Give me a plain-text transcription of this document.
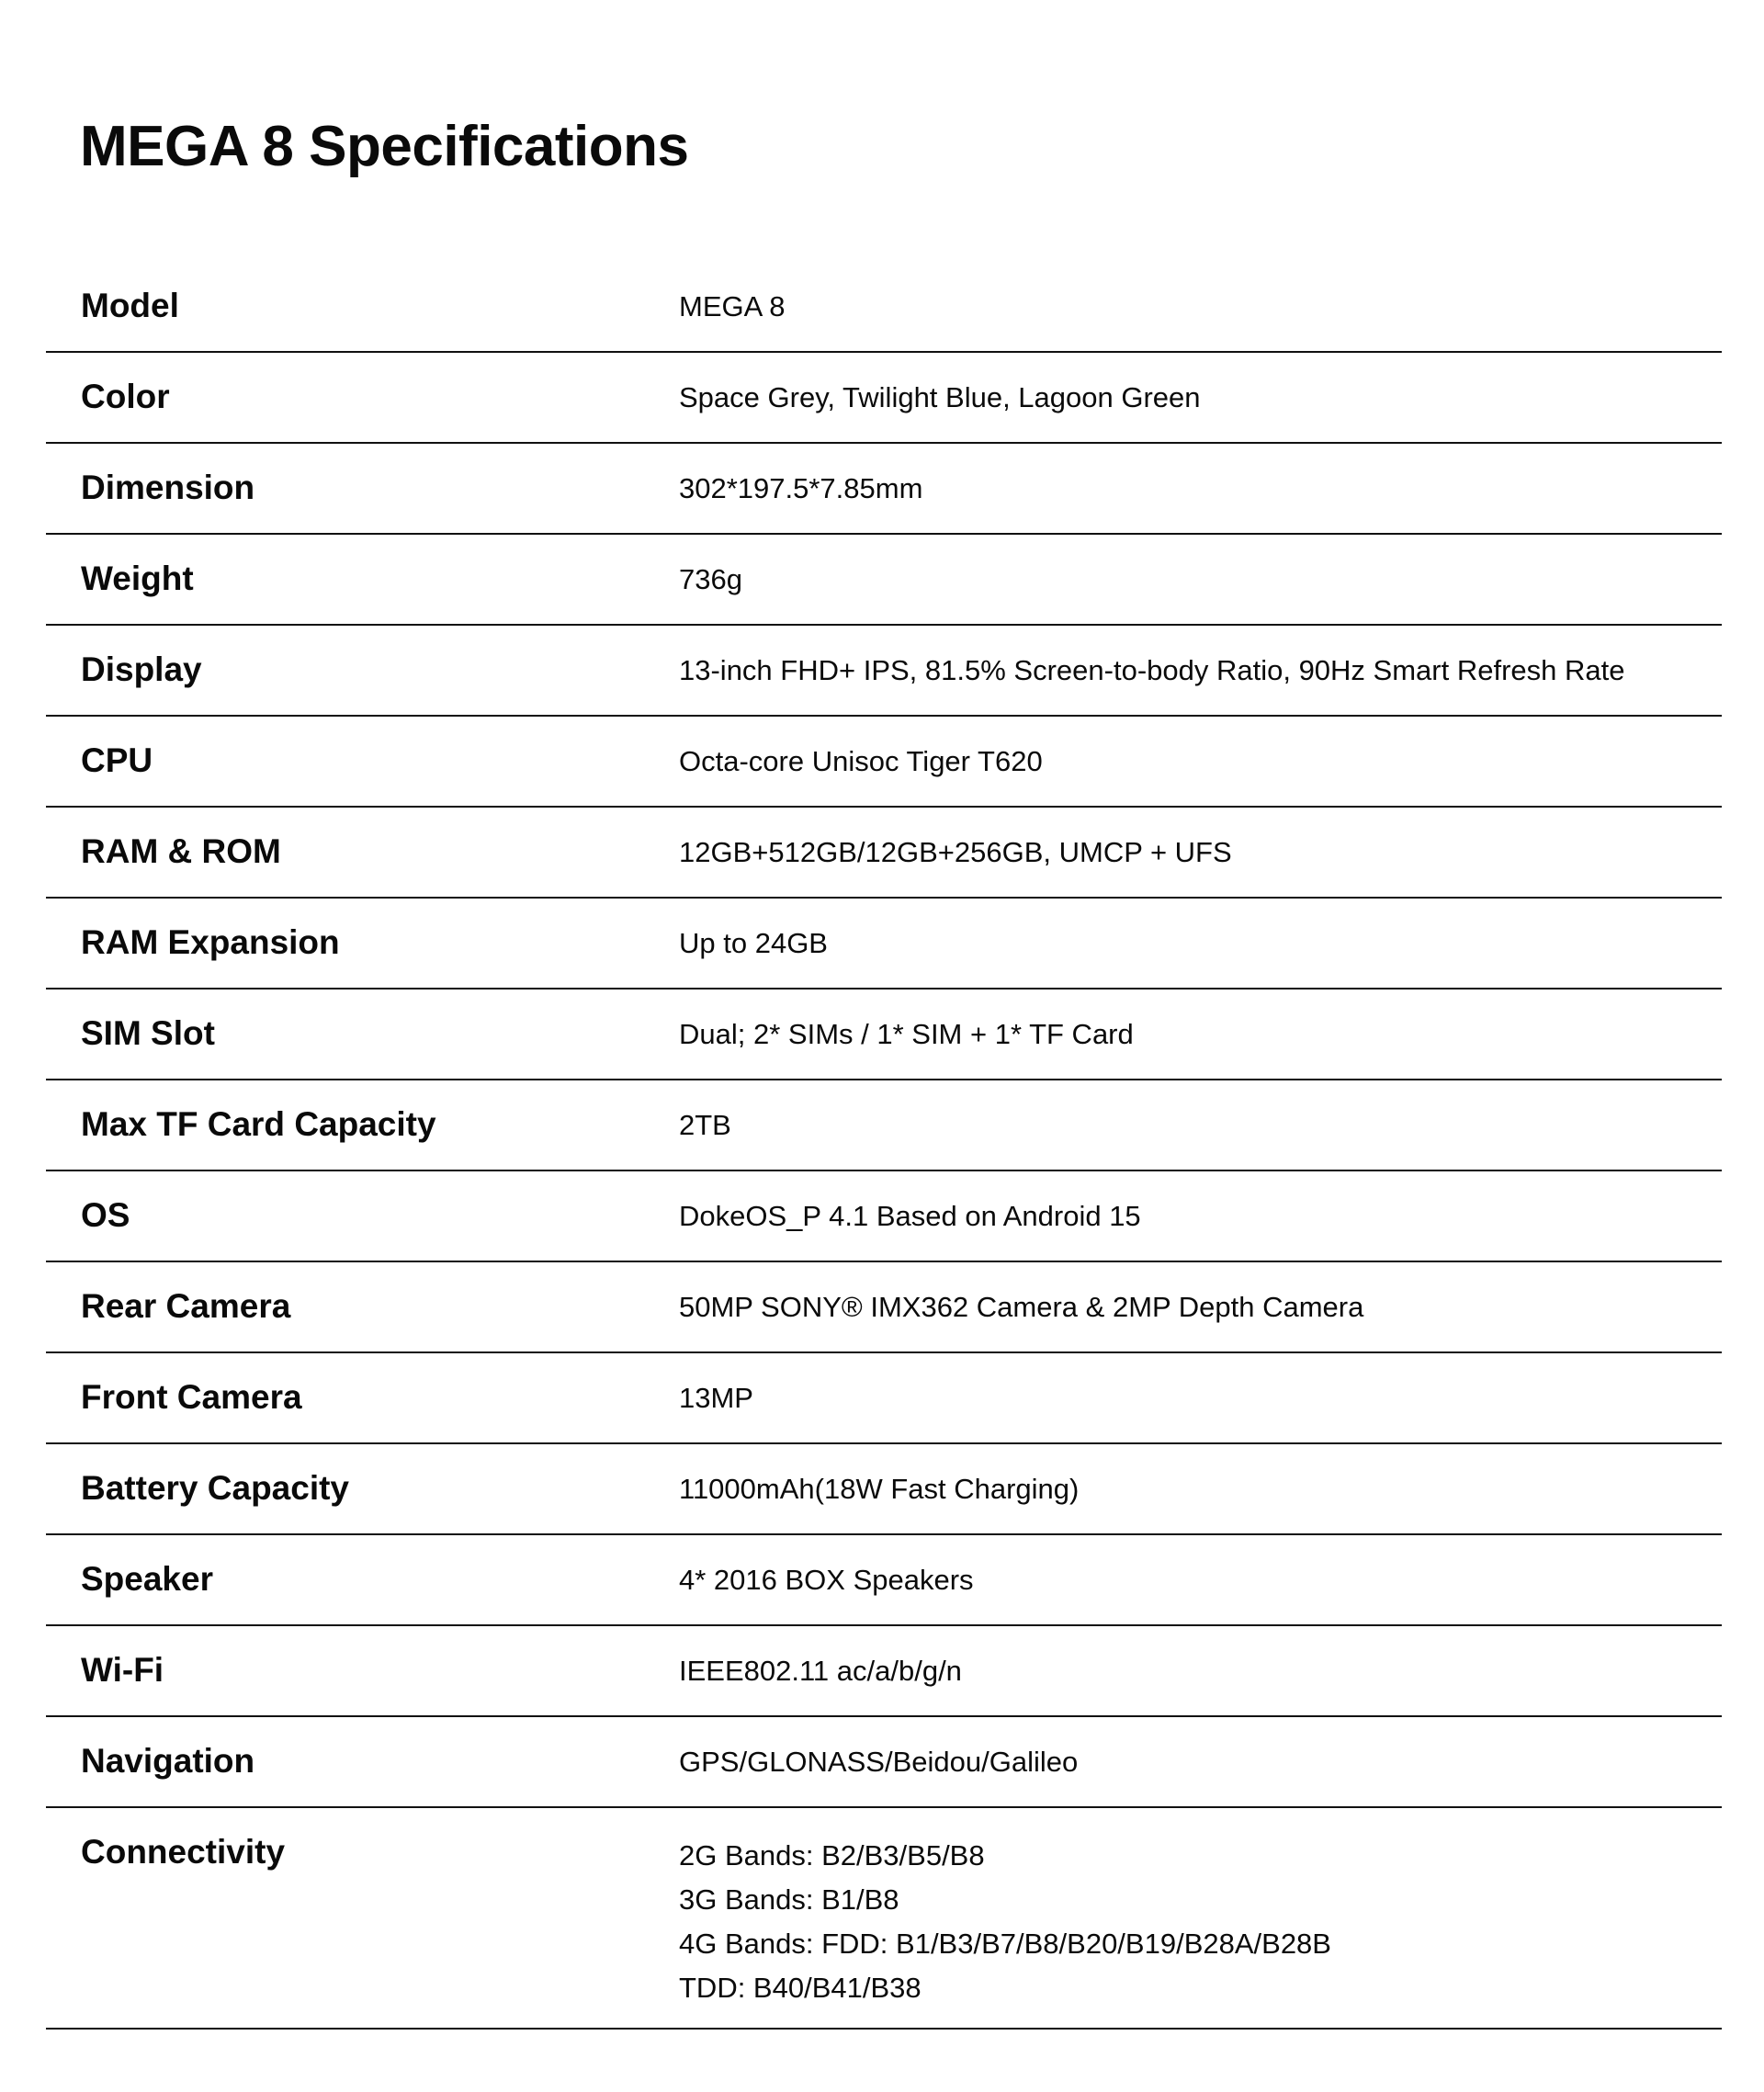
MEGA 8 Specifications
Model	MEGA 8
Color	Space Grey, Twilight Blue, Lagoon Green
Dimension	302*197.5*7.85mm
Weight	736g
Display	13-inch FHD+ IPS, 81.5% Screen-to-body Ratio, 90Hz Smart Refresh Rate
CPU	Octa-core Unisoc Tiger T620
RAM & ROM	12GB+512GB/12GB+256GB, UMCP + UFS
RAM Expansion	Up to 24GB
SIM Slot	Dual; 2* SIMs / 1* SIM + 1* TF Card
Max TF Card Capacity	2TB
OS	DokeOS_P 4.1 Based on Android 15
Rear Camera	50MP SONY® IMX362 Camera & 2MP Depth Camera
Front Camera	13MP
Battery Capacity	11000mAh(18W Fast Charging)
Speaker	4* 2016 BOX Speakers
Wi-Fi	IEEE802.11 ac/a/b/g/n
Navigation	GPS/GLONASS/Beidou/Galileo
Connectivity	2G Bands: B2/B3/B5/B8
3G Bands: B1/B8
4G Bands: FDD: B1/B3/B7/B8/B20/B19/B28A/B28B
TDD: B40/B41/B38
